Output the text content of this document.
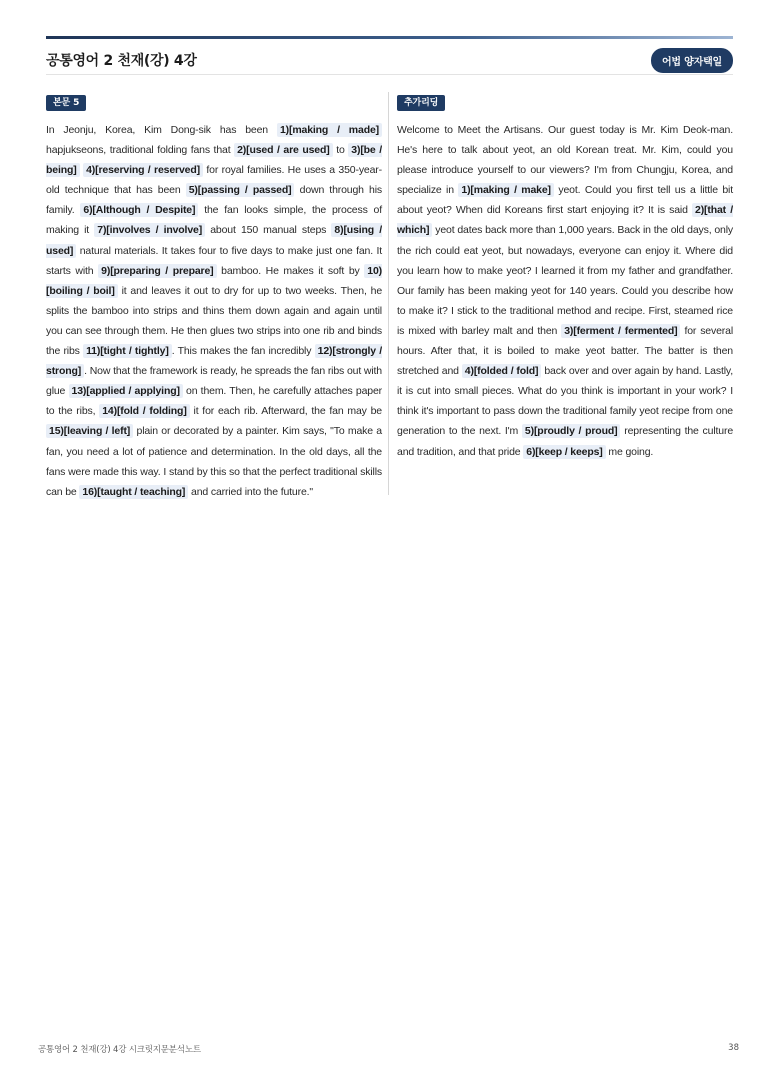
공통영어 2 천재(강) 4강	어법 양자택일
본문 5

In Jeonju, Korea, Kim Dong-sik has been 1)[making / made] hapjukseons, traditional folding fans that 2)[used / are used] to 3)[be / being] 4)[reserving / reserved] for royal families. He uses a 350-year-old technique that has been 5)[passing / passed] down through his family. 6)[Although / Despite] the fan looks simple, the process of making it 7)[involves / involve] about 150 manual steps 8)[using / used] natural materials. It takes four to five days to make just one fan. It starts with 9)[preparing / prepare] bamboo. He makes it soft by 10)[boiling / boil] it and leaves it out to dry for up to two weeks. Then, he splits the bamboo into strips and thins them down again and again until you can see through them. He then glues two strips into one rib and binds the ribs 11)[tight / tightly] . This makes the fan incredibly 12)[strongly / strong] . Now that the framework is ready, he spreads the fan ribs out with glue 13)[applied / applying] on them. Then, he carefully attaches paper to the ribs, 14)[fold / folding] it for each rib. Afterward, the fan may be 15)[leaving / left] plain or decorated by a painter. Kim says, "To make a fan, you need a lot of patience and determination. In the old days, all the fans were made this way. I stand by this so that the perfect traditional skills can be 16)[taught / teaching] and carried into the future."

추가리딩

Welcome to Meet the Artisans. Our guest today is Mr. Kim Deok-man. He's here to talk about yeot, an old Korean treat. Mr. Kim, could you please introduce yourself to our viewers? I'm from Chungju, Korea, and specialize in 1)[making / make] yeot. Could you first tell us a little bit about yeot? When did Koreans first start enjoying it? It is said 2)[that / which] yeot dates back more than 1,000 years. Back in the old days, only the rich could eat yeot, but nowadays, everyone can enjoy it. Where did you learn how to make yeot? I learned it from my father and grandfather. Our family has been making yeot for 140 years. Could you describe how to make it? I stick to the traditional method and recipe. First, steamed rice is mixed with barley malt and then 3)[ferment / fermented] for several hours. After that, it is boiled to make yeot batter. The batter is then stretched and 4)[folded / fold] back over and over again by hand. Lastly, it is cut into small pieces. What do you think is important in your work? I think it's important to pass down the traditional family yeot recipe from one generation to the next. I'm 5)[proudly / proud] representing the culture and tradition, and that pride 6)[keep / keeps] me going.

공통영어 2 천재(강) 4강 시크릿지문분석노트	38
